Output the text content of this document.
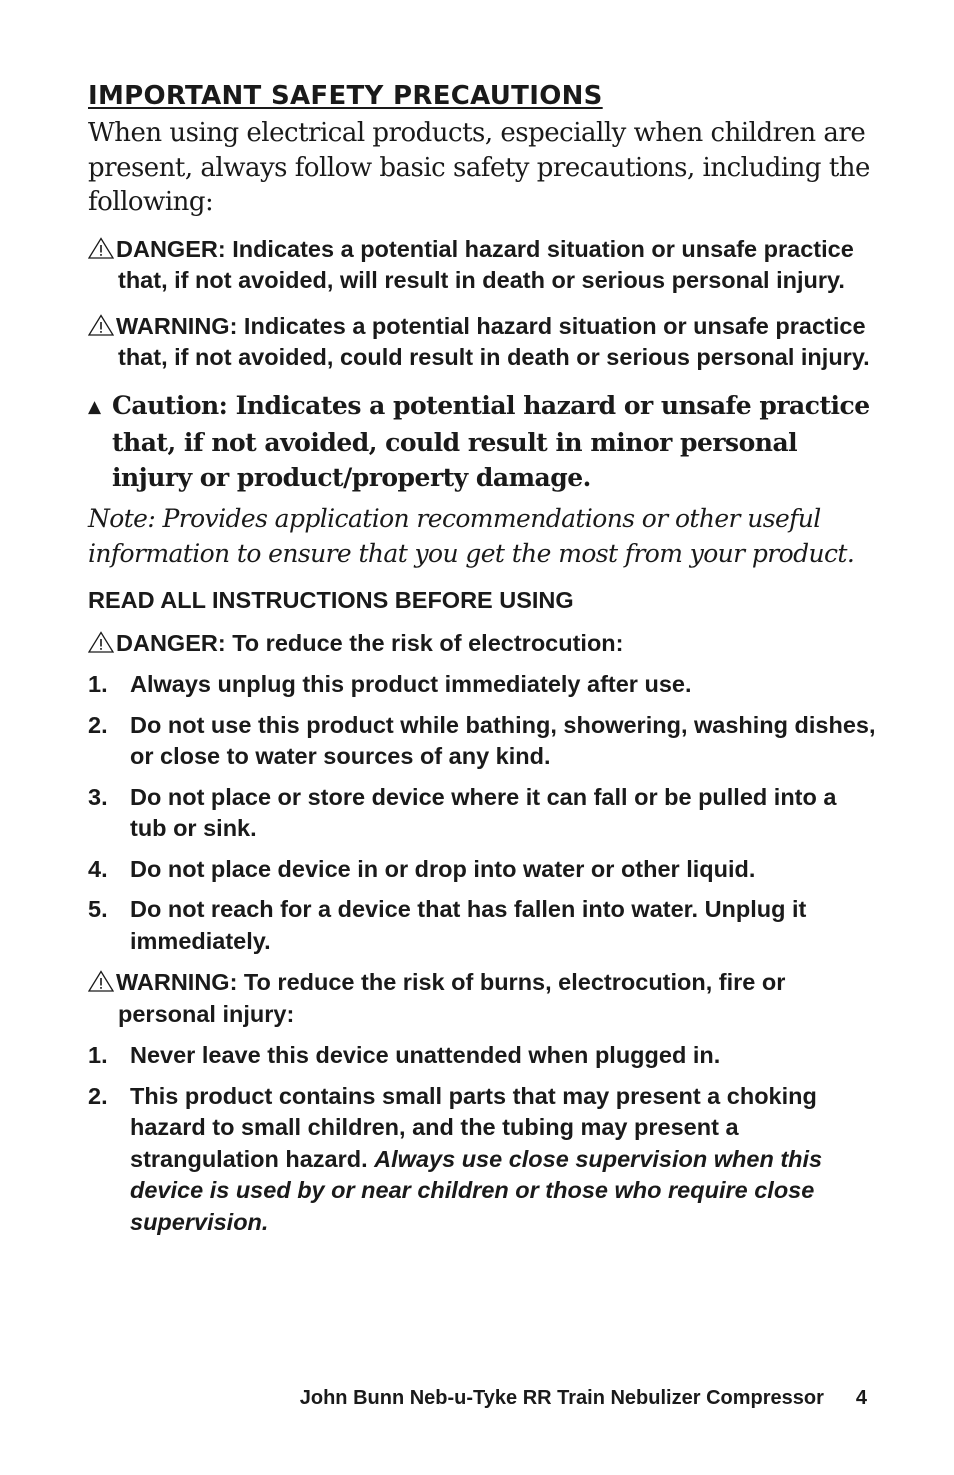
IMPORTANT SAFETY PRECAUTIONS

When using electrical products, especially when children are present, always follow basic safety precautions, including the following:

DANGER: Indicates a potential hazard situation or unsafe practice that, if not avoided, will result in death or serious personal injury.

WARNING: Indicates a potential hazard situation or unsafe practice that, if not avoided, could result in death or serious personal injury.

▲ Caution: Indicates a potential hazard or unsafe practice that, if not avoided, could result in minor personal injury or product/property damage.

Note: Provides application recommendations or other useful information to ensure that you get the most from your product.

READ ALL INSTRUCTIONS BEFORE USING

DANGER: To reduce the risk of electrocution:

1. Always unplug this product immediately after use.
2. Do not use this product while bathing, showering, washing dishes, or close to water sources of any kind.
3. Do not place or store device where it can fall or be pulled into a tub or sink.
4. Do not place device in or drop into water or other liquid.
5. Do not reach for a device that has fallen into water. Unplug it immediately.

WARNING: To reduce the risk of burns, electrocution, fire or personal injury:

1. Never leave this device unattended when plugged in.
2. This product contains small parts that may present a choking hazard to small children, and the tubing may present a strangulation hazard. Always use close supervision when this device is used by or near children or those who require close supervision.
John Bunn Neb-u-Tyke RR Train Nebulizer Compressor 4
